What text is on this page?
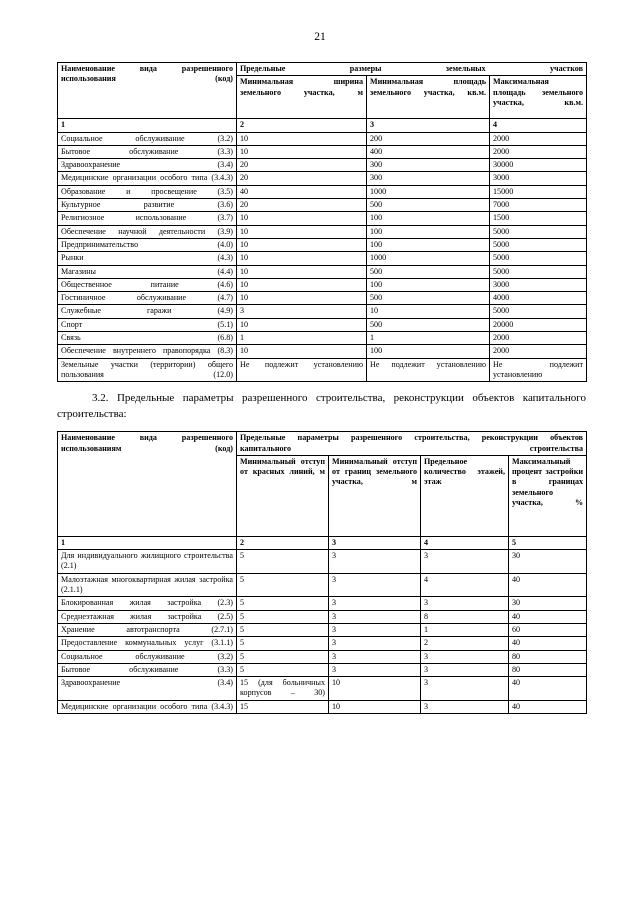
21
Наименование вида разрешенного использования (код)	Предельные размеры земельных участков		
	Минимальная ширина земельного участка, м	Минимальная площадь земельного участка, кв.м.	Максимальная площадь земельного участка, кв.м.
1	2	3	4
Социальное обслуживание (3.2)	10	200	2000
Бытовое обслуживание (3.3)	10	400	2000
Здравоохранение (3.4)	20	300	30000
Медицинские организации особого типа (3.4.3)	20	300	3000
Образование и просвещение (3.5)	40	1000	15000
Культурное развитие (3.6)	20	500	7000
Религиозное использование (3.7)	10	100	1500
Обеспечение научной деятельности (3.9)	10	100	5000
Предпринимательство (4.0)	10	100	5000
Рынки (4.3)	10	1000	5000
Магазины (4.4)	10	500	5000
Общественное питание (4.6)	10	100	3000
Гостиничное обслуживание (4.7)	10	500	4000
Служебные гаражи (4.9)	3	10	5000
Спорт (5.1)	10	500	20000
Связь (6.8)	1	1	2000
Обеспечение внутреннего правопорядка (8.3)	10	100	2000
Земельные участки (территории) общего пользования (12.0)	Не подлежит установлению	Не подлежит установлению	Не подлежит установлению

3.2. Предельные параметры разрешенного строительства, реконструкции объектов капитального строительства:

Наименование вида разрешенного использованиям (код)	Предельные параметры разрешенного строительства, реконструкции объектов капитального строительства			
	Минимальный отступ от красных линий, м	Минимальный отступ от границ земельного участка, м	Предельное количество этажей, этаж	Максимальный процент застройки в границах земельного участка, %
1	2	3	4	5
Для индивидуального жилищного строительства (2.1)	5	3	3	30
Малоэтажная многоквартирная жилая застройка (2.1.1)	5	3	4	40
Блокированная жилая застройка (2.3)	5	3	3	30
Среднеэтажная жилая застройка (2.5)	5	3	8	40
Хранение автотранспорта (2.7.1)	5	3	1	60
Предоставление коммунальных услуг (3.1.1)	5	3	2	40
Социальное обслуживание (3.2)	5	3	3	80
Бытовое обслуживание (3.3)	5	3	3	80
Здравоохранение (3.4)	15 (для больничных корпусов – 30)	10	3	40
Медицинские организации особого типа (3.4.3)	15	10	3	40
